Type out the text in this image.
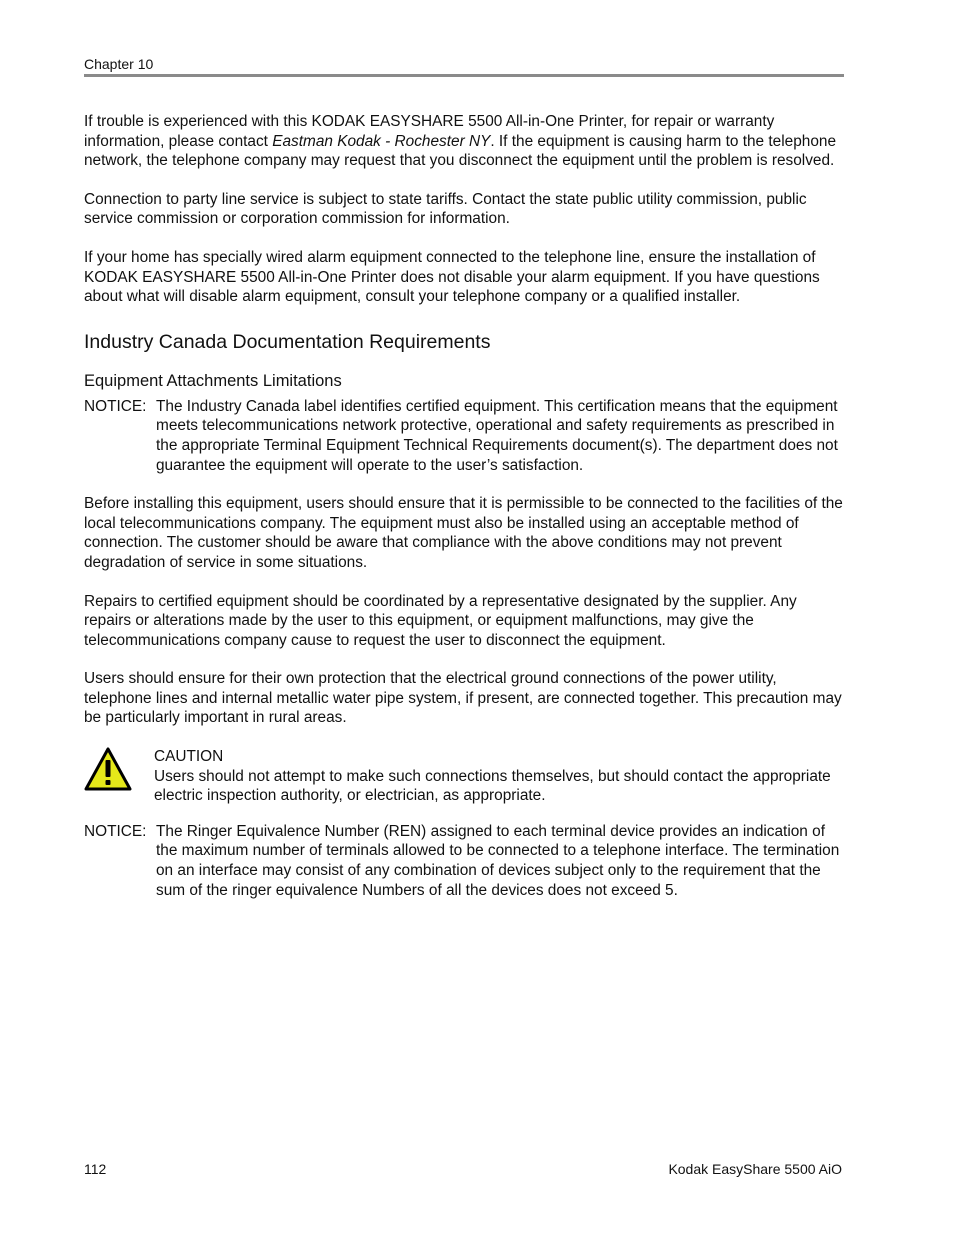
Chapter 10

If trouble is experienced with this KODAK EASYSHARE 5500 All-in-One Printer, for repair or warranty information, please contact Eastman Kodak - Rochester NY. If the equipment is causing harm to the telephone network, the telephone company may request that you disconnect the equipment until the problem is resolved.

Connection to party line service is subject to state tariffs. Contact the state public utility commission, public service commission or corporation commission for information.

If your home has specially wired alarm equipment connected to the telephone line, ensure the installation of KODAK EASYSHARE 5500 All-in-One Printer does not disable your alarm equipment. If you have questions about what will disable alarm equipment, consult your telephone company or a qualified installer.

Industry Canada Documentation Requirements
Equipment Attachments Limitations
NOTICE: The Industry Canada label identifies certified equipment. This certification means that the equipment meets telecommunications network protective, operational and safety requirements as prescribed in the appropriate Terminal Equipment Technical Requirements document(s). The department does not guarantee the equipment will operate to the user’s satisfaction.

Before installing this equipment, users should ensure that it is permissible to be connected to the facilities of the local telecommunications company. The equipment must also be installed using an acceptable method of connection. The customer should be aware that compliance with the above conditions may not prevent degradation of service in some situations.

Repairs to certified equipment should be coordinated by a representative designated by the supplier. Any repairs or alterations made by the user to this equipment, or equipment malfunctions, may give the telecommunications company cause to request the user to disconnect the equipment.

Users should ensure for their own protection that the electrical ground connections of the power utility, telephone lines and internal metallic water pipe system, if present, are connected together. This precaution may be particularly important in rural areas.

CAUTION
Users should not attempt to make such connections themselves, but should contact the appropriate electric inspection authority, or electrician, as appropriate.
NOTICE: The Ringer Equivalence Number (REN) assigned to each terminal device provides an indication of the maximum number of terminals allowed to be connected to a telephone interface. The termination on an interface may consist of any combination of devices subject only to the requirement that the sum of the ringer equivalence Numbers of all the devices does not exceed 5.
112	Kodak EasyShare 5500 AiO
